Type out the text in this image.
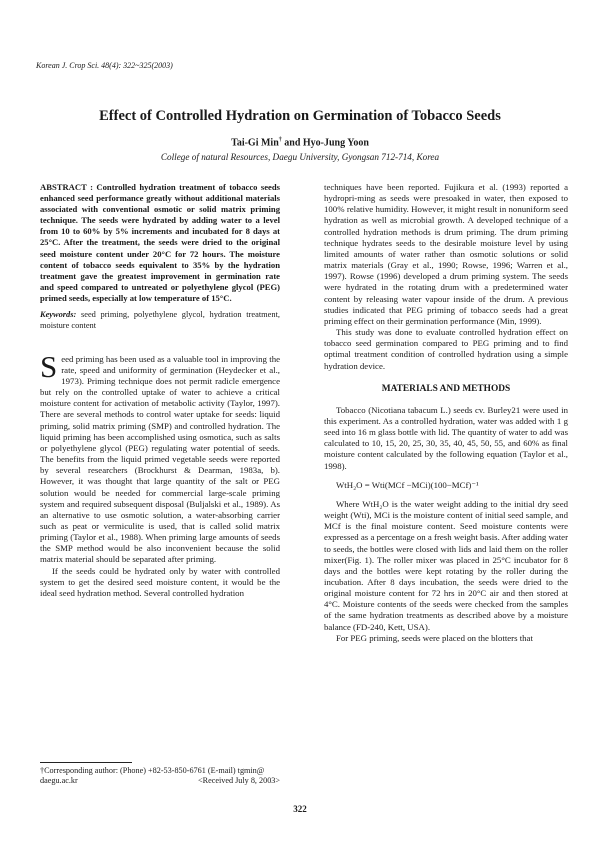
Korean J. Crop Sci. 48(4): 322~325(2003)
Effect of Controlled Hydration on Germination of Tobacco Seeds
Tai-Gi Min† and Hyo-Jung Yoon
College of natural Resources, Daegu University, Gyongsan 712-714, Korea

ABSTRACT : Controlled hydration treatment of tobacco seeds enhanced seed performance greatly without additional materials associated with conventional osmotic or solid matrix priming technique. The seeds were hydrated by adding water to a level from 10 to 60% by 5% increments and incubated for 8 days at 25°C. After the treatment, the seeds were dried to the original seed moisture content under 20°C for 72 hours. The moisture content of tobacco seeds equivalent to 35% by the hydration treatment gave the greatest improvement in germination rate and speed compared to untreated or polyethylene glycol (PEG) primed seeds, especially at low temperature of 15°C.

Keywords: seed priming, polyethylene glycol, hydration treatment, moisture content

Seed priming has been used as a valuable tool in improving the rate, speed and uniformity of germination (Heydecker et al., 1973). Priming technique does not permit radicle emergence but rely on the controlled uptake of water to achieve a critical moisture content for activation of metabolic activity (Taylor, 1997). There are several methods to control water uptake for seeds: liquid priming, solid matrix priming (SMP) and controlled hydration. The liquid priming has been accomplished using osmotica, such as salts or polyethylene glycol (PEG) regulating water potential of seeds. The benefits from the liquid primed vegetable seeds were reported by several researchers (Brockhurst & Dearman, 1983a, b). However, it was thought that large quantity of the salt or PEG solution would be needed for commercial large-scale priming system and required subsequent disposal (Buljalski et al., 1989). As an alternative to use osmotic solution, a water-absorbing carrier such as peat or vermiculite is used, that is called solid matrix priming (Taylor et al., 1988). When priming large amounts of seeds the SMP method would be also inconvenient because the solid matrix material should be separated after priming.

If the seeds could be hydrated only by water with controlled system to get the desired seed moisture content, it would be the ideal seed hydration method. Several controlled hydration

†Corresponding author: (Phone) +82-53-850-6761 (E-mail) tgmin@
daegu.ac.kr	<Received July 8, 2003>

techniques have been reported. Fujikura et al. (1993) reported a hydropri-ming as seeds were presoaked in water, then exposed to 100% relative humidity. However, it might result in nonuniform seed hydration as well as microbial growth. A developed technique of a controlled hydration methods is drum priming. The drum priming technique hydrates seeds to the desirable moisture level by using limited amounts of water rather than osmotic solutions or solid matrix materials (Gray et al., 1990; Rowse, 1996; Warren et al., 1997). Rowse (1996) developed a drum priming system. The seeds were hydrated in the rotating drum with a predetermined water content by releasing water vapour inside of the drum. A previous studies indicated that PEG priming of tobacco seeds had a great priming effect on their germination performance (Min, 1999).

This study was done to evaluate controlled hydration effect on tobacco seed germination compared to PEG priming and to find optimal treatment condition of controlled hydration using a simple hydration device.

MATERIALS AND METHODS

Tobacco (Nicotiana tabacum L.) seeds cv. Burley21 were used in this experiment. As a controlled hydration, water was added with 1 g seed into 16 m glass bottle with lid. The quantity of water to add was calculated to 10, 15, 20, 25, 30, 35, 40, 45, 50, 55, and 60% as final moisture content calculated by the following equation (Taylor et al., 1998).

WtH₂O = Wti(MCf −MCi)(100−MCf)⁻¹

Where WtH₂O is the water weight adding to the initial dry seed weight (Wti), MCi is the moisture content of initial seed sample, and MCf is the final moisture content. Seed moisture contents were expressed as a percentage on a fresh weight basis. After adding water to seeds, the bottles were closed with lids and laid them on the roller mixer(Fig. 1). The roller mixer was placed in 25°C incubator for 8 days and the bottles were kept rotating by the roller during the incubation. After 8 days incubation, the seeds were dried to the original moisture content for 72 hrs in 20°C air and then stored at 4°C. Moisture contents of the seeds were checked from the samples of the same hydration treatments as described above by a moisture balance (FD-240, Kett, USA).

For PEG priming, seeds were placed on the blotters that

322
